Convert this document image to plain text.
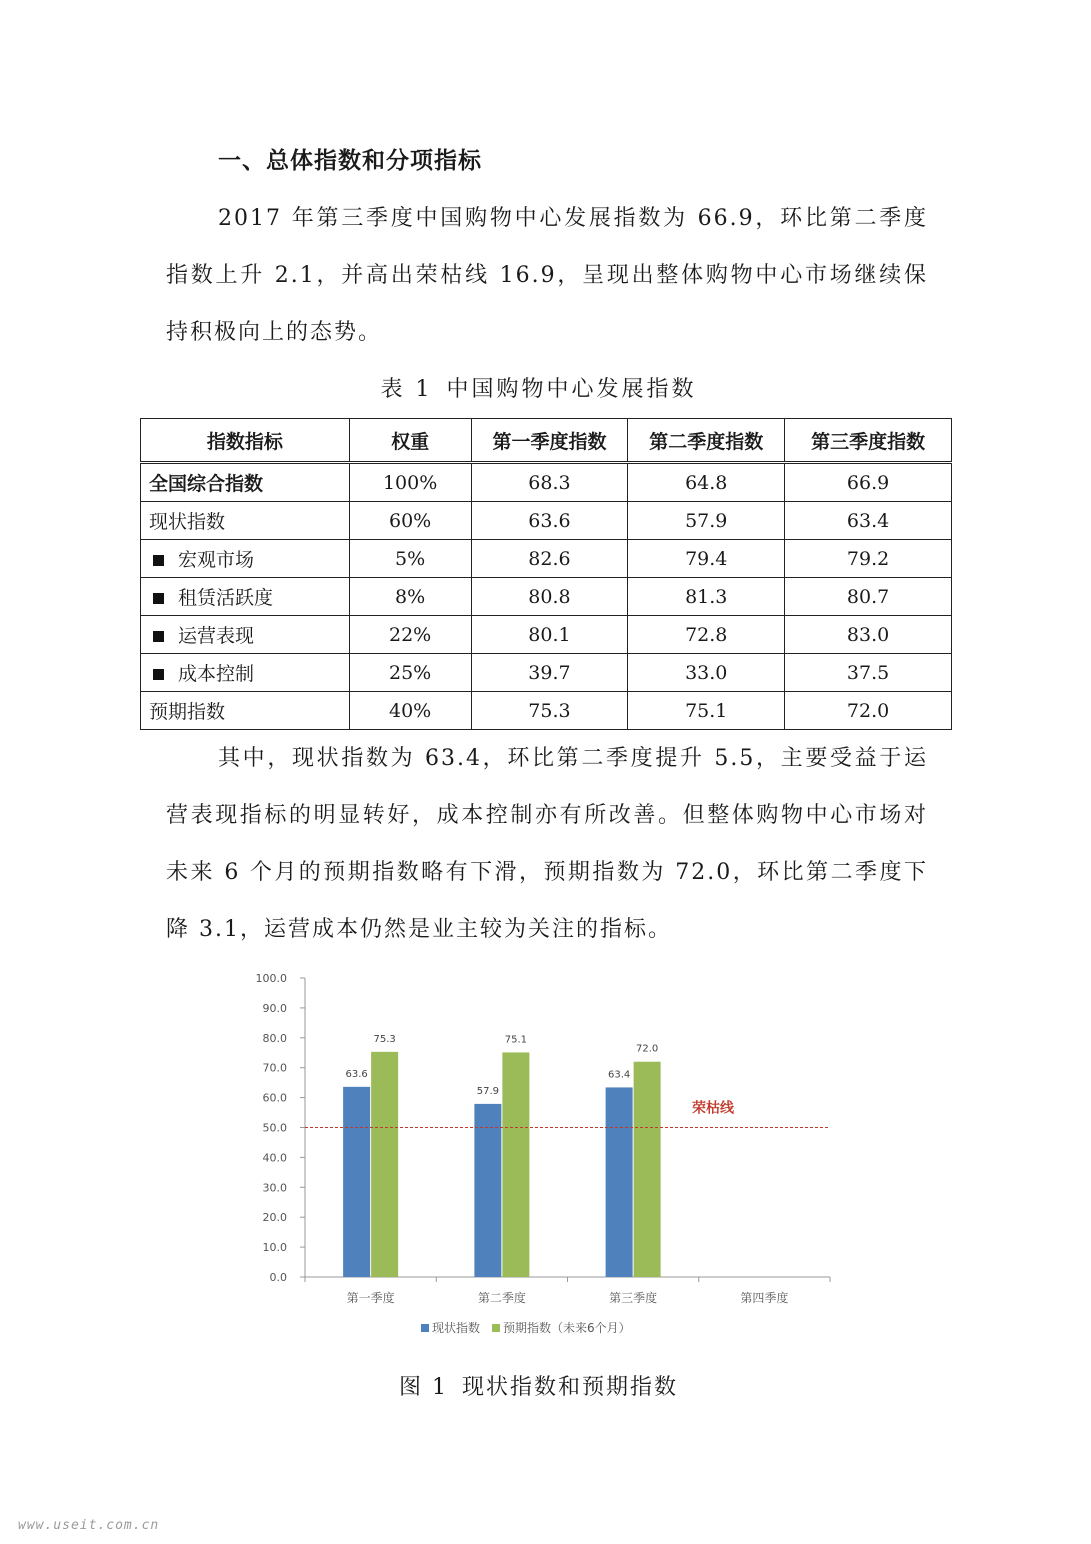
一、总体指数和分项指标

2017 年第三季度中国购物中心发展指数为 66.9，环比第二季度指数上升 2.1，并高出荣枯线 16.9，呈现出整体购物中心市场继续保持积极向上的态势。

表 1 中国购物中心发展指数
指数指标	权重	第一季度指数	第二季度指数	第三季度指数
全国综合指数	100%	68.3	64.8	66.9
现状指数	60%	63.6	57.9	63.4
宏观市场	5%	82.6	79.4	79.2
租赁活跃度	8%	80.8	81.3	80.7
运营表现	22%	80.1	72.8	83.0
成本控制	25%	39.7	33.0	37.5
预期指数	40%	75.3	75.1	72.0

其中，现状指数为 63.4，环比第二季度提升 5.5，主要受益于运营表现指标的明显转好，成本控制亦有所改善。但整体购物中心市场对未来 6 个月的预期指数略有下滑，预期指数为 72.0，环比第二季度下降 3.1，运营成本仍然是业主较为关注的指标。

0.0
10.0
20.0
30.0
40.0
50.0
60.0
70.0
80.0
90.0
100.0
第一季度
63.6
75.3
第二季度
57.9
75.1
第三季度
63.4
72.0
第四季度
荣枯线
现状指数 预期指数（未来6个月）
图 1 现状指数和预期指数
www.useit.com.cn
